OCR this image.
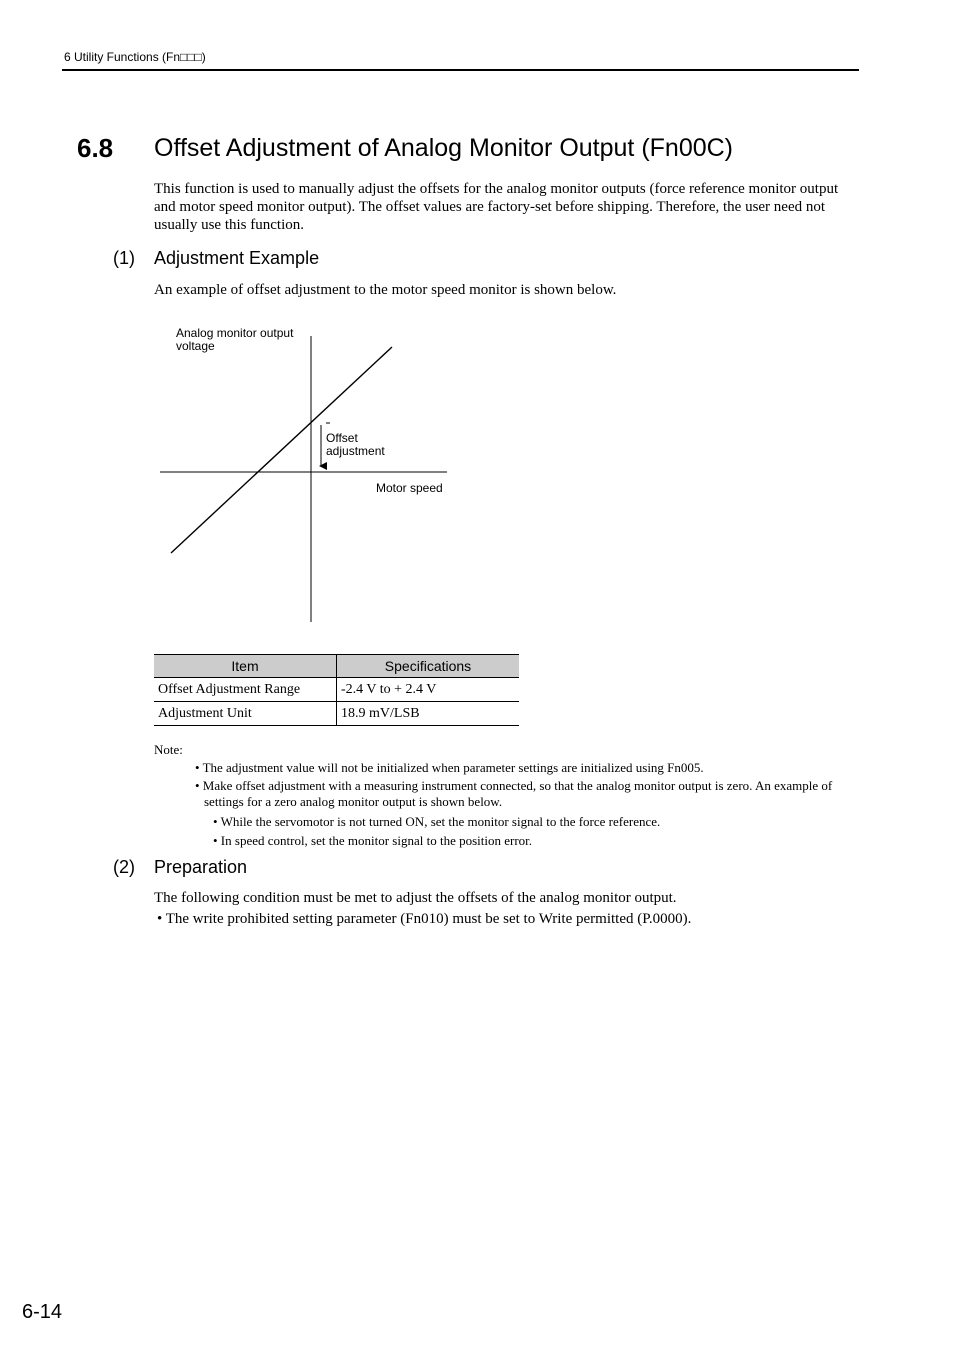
6 Utility Functions (Fn□□□)
6.8 Offset Adjustment of Analog Monitor Output (Fn00C)
This function is used to manually adjust the offsets for the analog monitor outputs (force reference monitor output and motor speed monitor output). The offset values are factory-set before shipping. Therefore, the user need not usually use this function.
(1) Adjustment Example
An example of offset adjustment to the motor speed monitor is shown below.
Analog monitor output
voltage
Offset
adjustment
Motor speed
Item	Specifications
Offset Adjustment Range	-2.4 V to + 2.4 V
Adjustment Unit	18.9 mV/LSB
Note:
• The adjustment value will not be initialized when parameter settings are initialized using Fn005.
• Make offset adjustment with a measuring instrument connected, so that the analog monitor output is zero. An example of settings for a zero analog monitor output is shown below.
• While the servomotor is not turned ON, set the monitor signal to the force reference.
• In speed control, set the monitor signal to the position error.
(2) Preparation
The following condition must be met to adjust the offsets of the analog monitor output.
• The write prohibited setting parameter (Fn010) must be set to Write permitted (P.0000).
6-14
